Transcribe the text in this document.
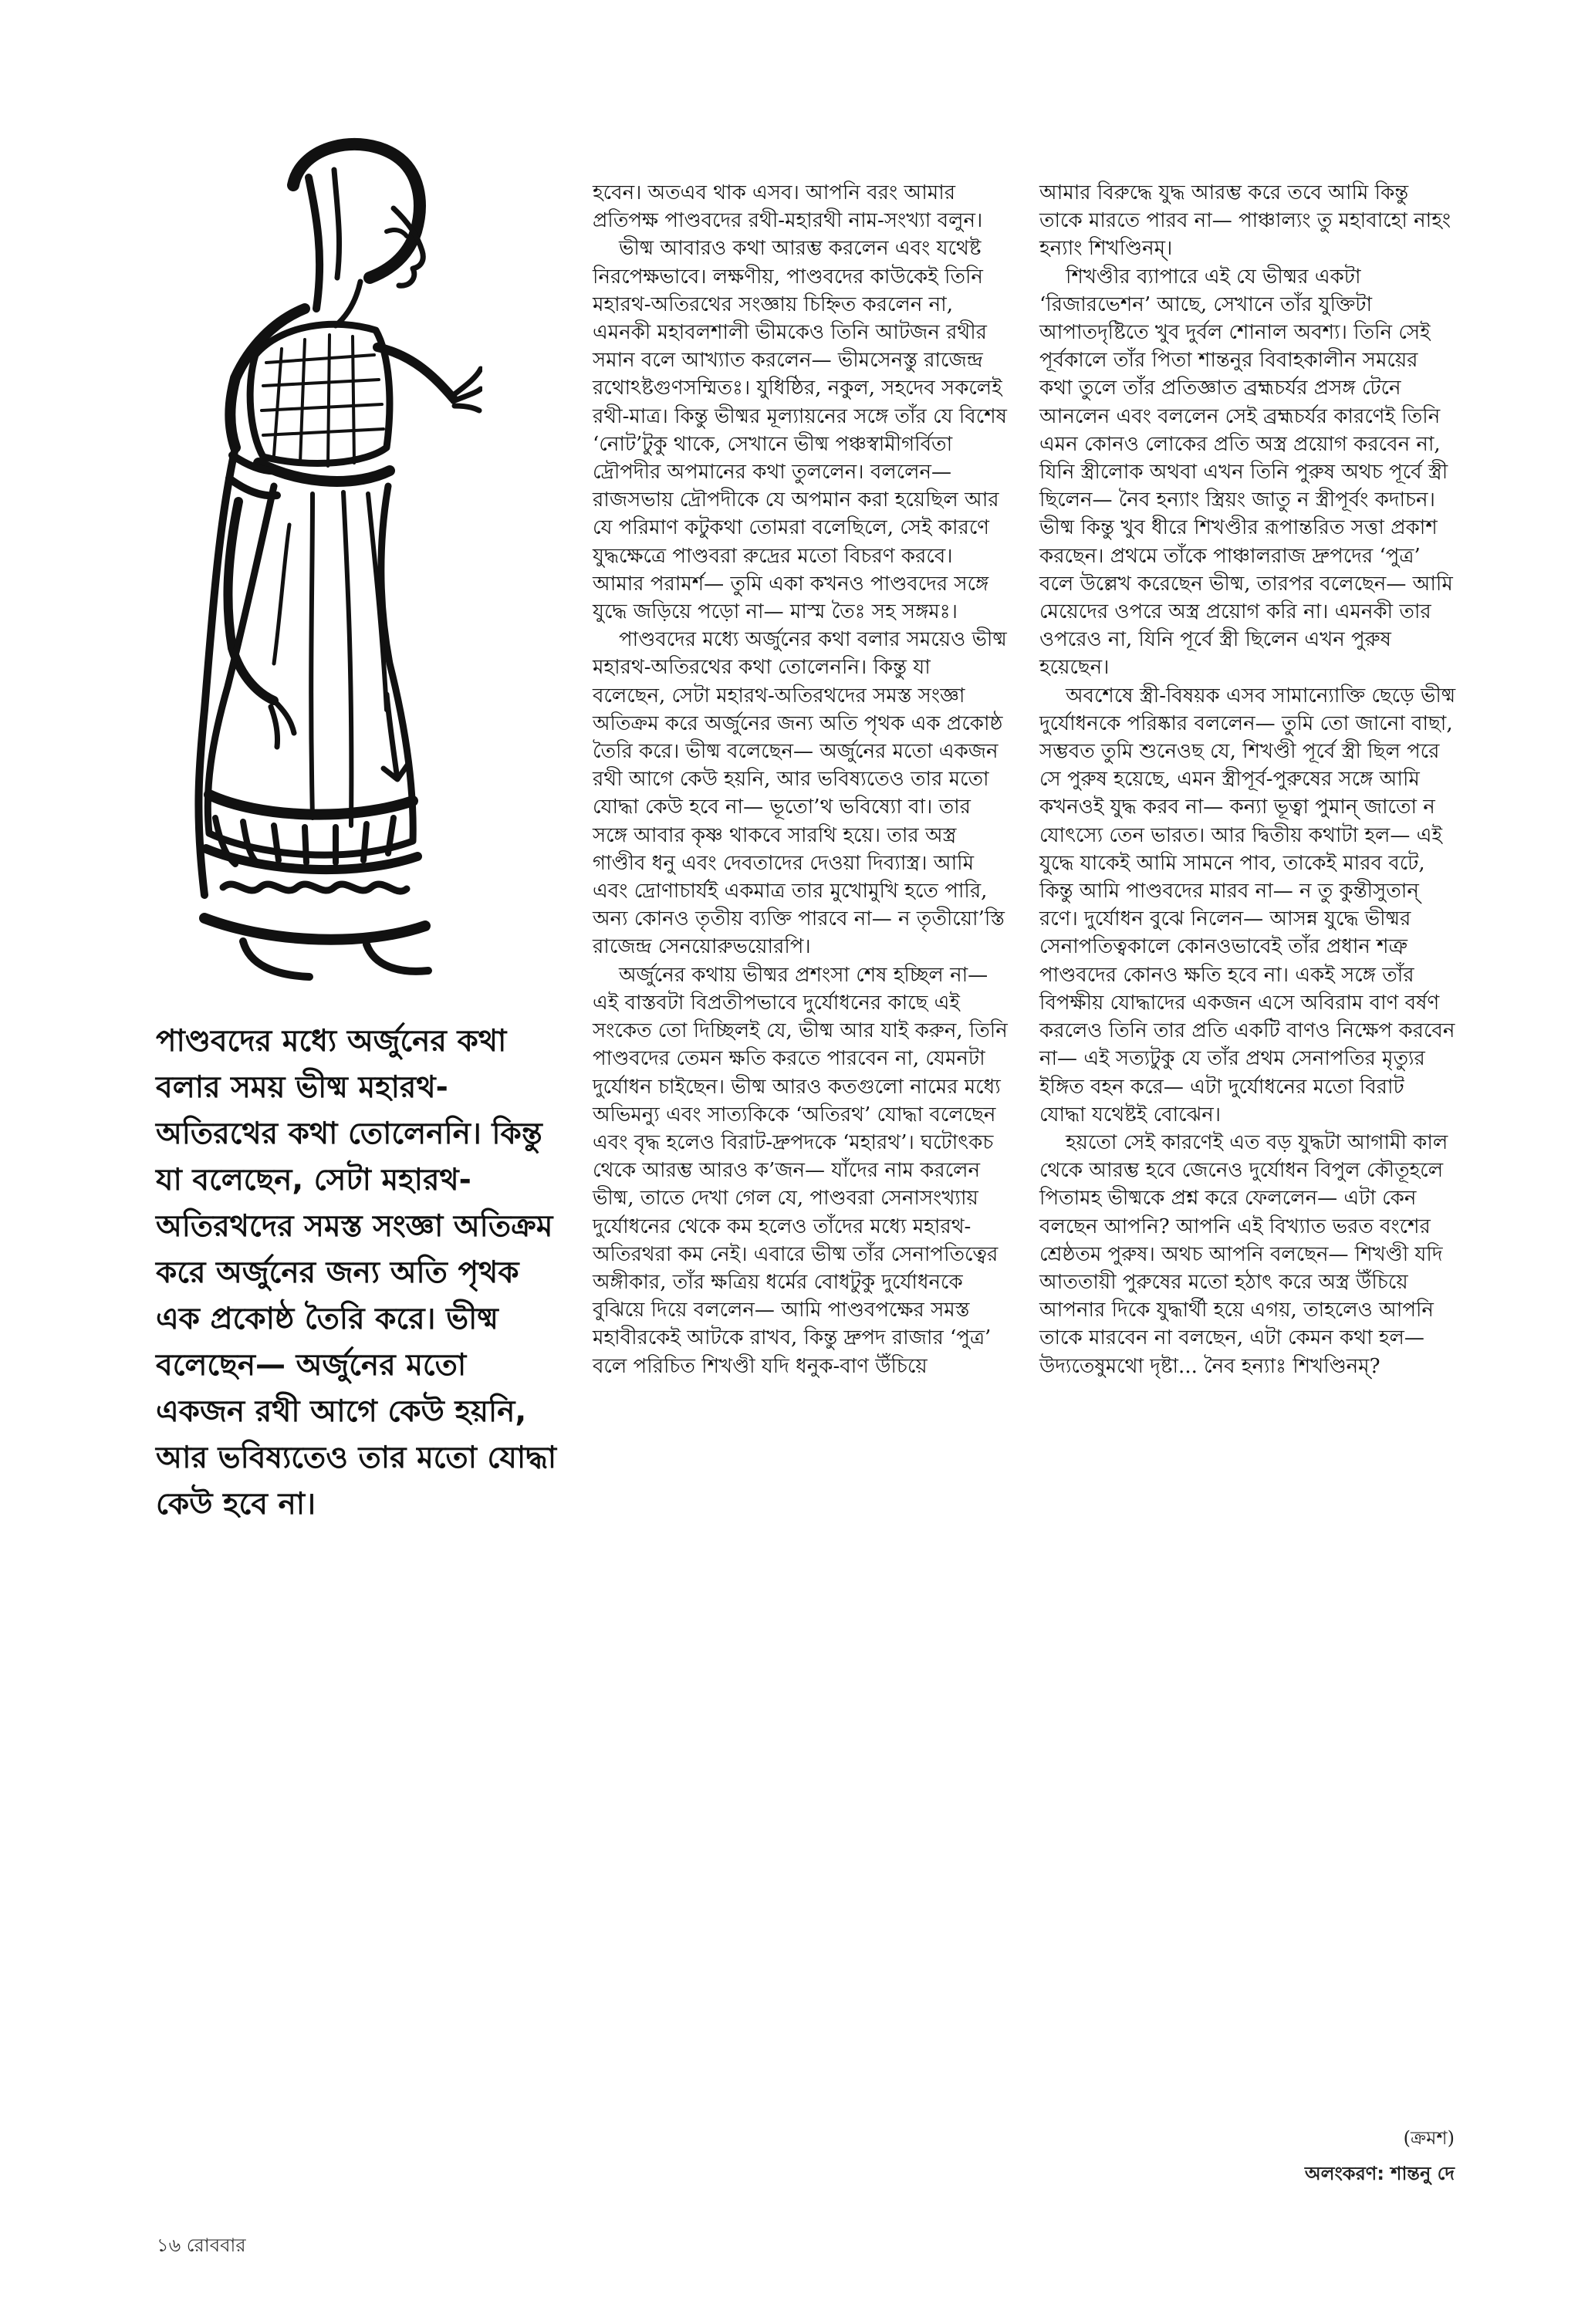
পাণ্ডবদের মধ্যে অর্জুনের কথা বলার সময় ভীষ্ম মহারথ-অতিরথের কথা তোলেননি। কিন্তু যা বলেছেন, সেটা মহারথ-অতিরথদের সমস্ত সংজ্ঞা অতিক্রম করে অর্জুনের জন্য অতি পৃথক এক প্রকোষ্ঠ তৈরি করে। ভীষ্ম বলেছেন— অর্জুনের মতো একজন রথী আগে কেউ হয়নি, আর ভবিষ্যতেও তার মতো যোদ্ধা কেউ হবে না।

হবেন। অতএব থাক এসব। আপনি বরং আমার প্রতিপক্ষ পাণ্ডবদের রথী-মহারথী নাম-সংখ্যা বলুন।

ভীষ্ম আবারও কথা আরম্ভ করলেন এবং যথেষ্ট নিরপেক্ষভাবে। লক্ষণীয়, পাণ্ডবদের কাউকেই তিনি মহারথ-অতিরথের সংজ্ঞায় চিহ্নিত করলেন না, এমনকী মহাবলশালী ভীমকেও তিনি আটজন রথীর সমান বলে আখ্যাত করলেন— ভীমসেনস্তু রাজেন্দ্র রথোঽষ্টগুণসম্মিতঃ। যুধিষ্ঠির, নকুল, সহদেব সকলেই রথী-মাত্র। কিন্তু ভীষ্মর মূল্যায়নের সঙ্গে তাঁর যে বিশেষ ‘নোট’টুকু থাকে, সেখানে ভীষ্ম পঞ্চস্বামীগর্বিতা দ্রৌপদীর অপমানের কথা তুললেন। বললেন— রাজসভায় দ্রৌপদীকে যে অপমান করা হয়েছিল আর যে পরিমাণ কটুকথা তোমরা বলেছিলে, সেই কারণে যুদ্ধক্ষেত্রে পাণ্ডবরা রুদ্রের মতো বিচরণ করবে। আমার পরামর্শ— তুমি একা কখনও পাণ্ডবদের সঙ্গে যুদ্ধে জড়িয়ে পড়ো না— মাস্ম তৈঃ সহ সঙ্গমঃ।

পাণ্ডবদের মধ্যে অর্জুনের কথা বলার সময়েও ভীষ্ম মহারথ-অতিরথের কথা তোলেননি। কিন্তু যা বলেছেন, সেটা মহারথ-অতিরথদের সমস্ত সংজ্ঞা অতিক্রম করে অর্জুনের জন্য অতি পৃথক এক প্রকোষ্ঠ তৈরি করে। ভীষ্ম বলেছেন— অর্জুনের মতো একজন রথী আগে কেউ হয়নি, আর ভবিষ্যতেও তার মতো যোদ্ধা কেউ হবে না— ভূতো’থ ভবিষ্যো বা। তার সঙ্গে আবার কৃষ্ণ থাকবে সারথি হয়ে। তার অস্ত্র গাণ্ডীব ধনু এবং দেবতাদের দেওয়া দিব্যাস্ত্র। আমি এবং দ্রোণাচার্যই একমাত্র তার মুখোমুখি হতে পারি, অন্য কোনও তৃতীয় ব্যক্তি পারবে না— ন তৃতীয়ো’স্তি রাজেন্দ্র সেনয়োরুভয়োরপি।

অর্জুনের কথায় ভীষ্মর প্রশংসা শেষ হচ্ছিল না— এই বাস্তবটা বিপ্রতীপভাবে দুর্যোধনের কাছে এই সংকেত তো দিচ্ছিলই যে, ভীষ্ম আর যাই করুন, তিনি পাণ্ডবদের তেমন ক্ষতি করতে পারবেন না, যেমনটা দুর্যোধন চাইছেন। ভীষ্ম আরও কতগুলো নামের মধ্যে অভিমন্যু এবং সাত্যকিকে ‘অতিরথ’ যোদ্ধা বলেছেন এবং বৃদ্ধ হলেও বিরাট-দ্রুপদকে ‘মহারথ’। ঘটোৎকচ থেকে আরম্ভ আরও ক’জন— যাঁদের নাম করলেন ভীষ্ম, তাতে দেখা গেল যে, পাণ্ডবরা সেনাসংখ্যায় দুর্যোধনের থেকে কম হলেও তাঁদের মধ্যে মহারথ-অতিরথরা কম নেই। এবারে ভীষ্ম তাঁর সেনাপতিত্বের অঙ্গীকার, তাঁর ক্ষত্রিয় ধর্মের বোধটুকু দুর্যোধনকে বুঝিয়ে দিয়ে বললেন— আমি পাণ্ডবপক্ষের সমস্ত মহাবীরকেই আটকে রাখব, কিন্তু দ্রুপদ রাজার ‘পুত্র’ বলে পরিচিত শিখণ্ডী যদি ধনুক-বাণ উঁচিয়ে

আমার বিরুদ্ধে যুদ্ধ আরম্ভ করে তবে আমি কিন্তু তাকে মারতে পারব না— পাঞ্চাল্যং তু মহাবাহো নাহং হন্যাং শিখণ্ডিনম্।

শিখণ্ডীর ব্যাপারে এই যে ভীষ্মর একটা ‘রিজারভেশন’ আছে, সেখানে তাঁর যুক্তিটা আপাতদৃষ্টিতে খুব দুর্বল শোনাল অবশ্য। তিনি সেই পূর্বকালে তাঁর পিতা শান্তনুর বিবাহকালীন সময়ের কথা তুলে তাঁর প্রতিজ্ঞাত ব্রহ্মচর্যর প্রসঙ্গ টেনে আনলেন এবং বললেন সেই ব্রহ্মচর্যর কারণেই তিনি এমন কোনও লোকের প্রতি অস্ত্র প্রয়োগ করবেন না, যিনি স্ত্রীলোক অথবা এখন তিনি পুরুষ অথচ পূর্বে স্ত্রী ছিলেন— নৈব হন্যাং স্ত্রিয়ং জাতু ন স্ত্রীপূর্বং কদাচন। ভীষ্ম কিন্তু খুব ধীরে শিখণ্ডীর রূপান্তরিত সত্তা প্রকাশ করছেন। প্রথমে তাঁকে পাঞ্চালরাজ দ্রুপদের ‘পুত্র’ বলে উল্লেখ করেছেন ভীষ্ম, তারপর বলেছেন— আমি মেয়েদের ওপরে অস্ত্র প্রয়োগ করি না। এমনকী তার ওপরেও না, যিনি পূর্বে স্ত্রী ছিলেন এখন পুরুষ হয়েছেন।

অবশেষে স্ত্রী-বিষয়ক এসব সামান্যোক্তি ছেড়ে ভীষ্ম দুর্যোধনকে পরিষ্কার বললেন— তুমি তো জানো বাছা, সম্ভবত তুমি শুনেওছ যে, শিখণ্ডী পূর্বে স্ত্রী ছিল পরে সে পুরুষ হয়েছে, এমন স্ত্রীপূর্ব-পুরুষের সঙ্গে আমি কখনওই যুদ্ধ করব না— কন্যা ভূত্বা পুমান্ জাতো ন যোৎস্যে তেন ভারত। আর দ্বিতীয় কথাটা হল— এই যুদ্ধে যাকেই আমি সামনে পাব, তাকেই মারব বটে, কিন্তু আমি পাণ্ডবদের মারব না— ন তু কুন্তীসুতান্ রণে। দুর্যোধন বুঝে নিলেন— আসন্ন যুদ্ধে ভীষ্মর সেনাপতিত্বকালে কোনওভাবেই তাঁর প্রধান শত্রু পাণ্ডবদের কোনও ক্ষতি হবে না। একই সঙ্গে তাঁর বিপক্ষীয় যোদ্ধাদের একজন এসে অবিরাম বাণ বর্ষণ করলেও তিনি তার প্রতি একটি বাণও নিক্ষেপ করবেন না— এই সত্যটুকু যে তাঁর প্রথম সেনাপতির মৃত্যুর ইঙ্গিত বহন করে— এটা দুর্যোধনের মতো বিরাট যোদ্ধা যথেষ্টই বোঝেন।

হয়তো সেই কারণেই এত বড় যুদ্ধটা আগামী কাল থেকে আরম্ভ হবে জেনেও দুর্যোধন বিপুল কৌতূহলে পিতামহ ভীষ্মকে প্রশ্ন করে ফেললেন— এটা কেন বলছেন আপনি? আপনি এই বিখ্যাত ভরত বংশের শ্রেষ্ঠতম পুরুষ। অথচ আপনি বলছেন— শিখণ্ডী যদি আততায়ী পুরুষের মতো হঠাৎ করে অস্ত্র উঁচিয়ে আপনার দিকে যুদ্ধার্থী হয়ে এগয়, তাহলেও আপনি তাকে মারবেন না বলছেন, এটা কেমন কথা হল— উদ্যতেষুমথো দৃষ্টা... নৈব হন্যাঃ শিখণ্ডিনম্?

(ক্রমশ)
অলংকরণ: শান্তনু দে
১৬ রোববার
